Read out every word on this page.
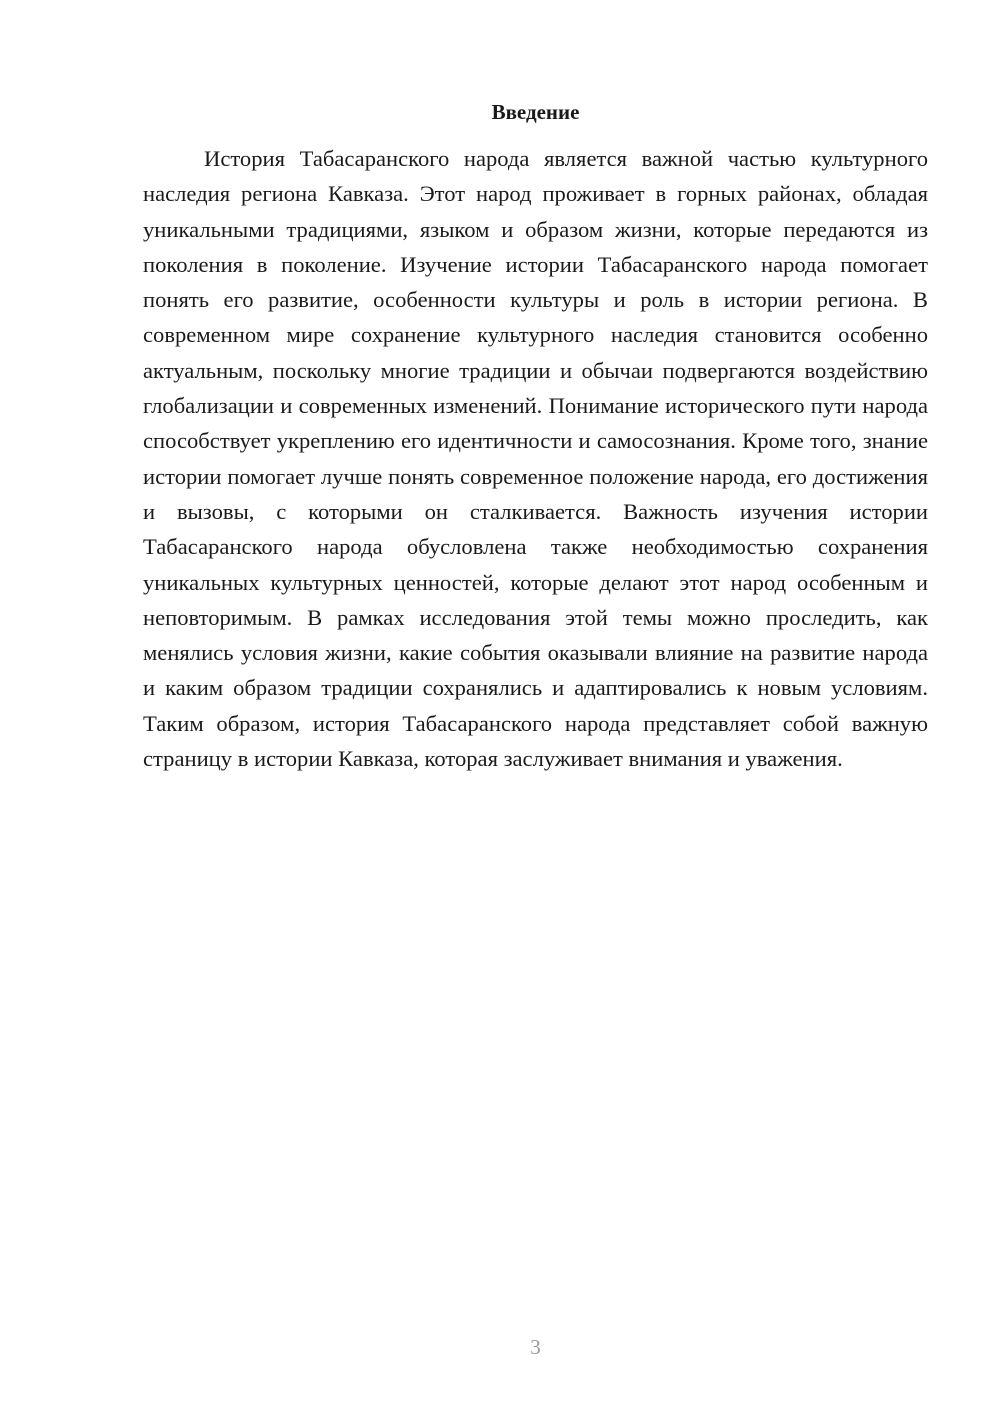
Введение

История Табасаранского народа является важной частью культурного наследия региона Кавказа. Этот народ проживает в горных районах, обладая уникальными традициями, языком и образом жизни, которые передаются из поколения в поколение. Изучение истории Табасаранского народа помогает понять его развитие, особенности культуры и роль в истории региона. В современном мире сохранение культурного наследия становится особенно актуальным, поскольку многие традиции и обычаи подвергаются воздействию глобализации и современных изменений. Понимание исторического пути народа способствует укреплению его идентичности и самосознания. Кроме того, знание истории помогает лучше понять современное положение народа, его достижения и вызовы, с которыми он сталкивается. Важность изучения истории Табасаранского народа обусловлена также необходимостью сохранения уникальных культурных ценностей, которые делают этот народ особенным и неповторимым. В рамках исследования этой темы можно проследить, как менялись условия жизни, какие события оказывали влияние на развитие народа и каким образом традиции сохранялись и адаптировались к новым условиям. Таким образом, история Табасаранского народа представляет собой важную страницу в истории Кавказа, которая заслуживает внимания и уважения.

3
